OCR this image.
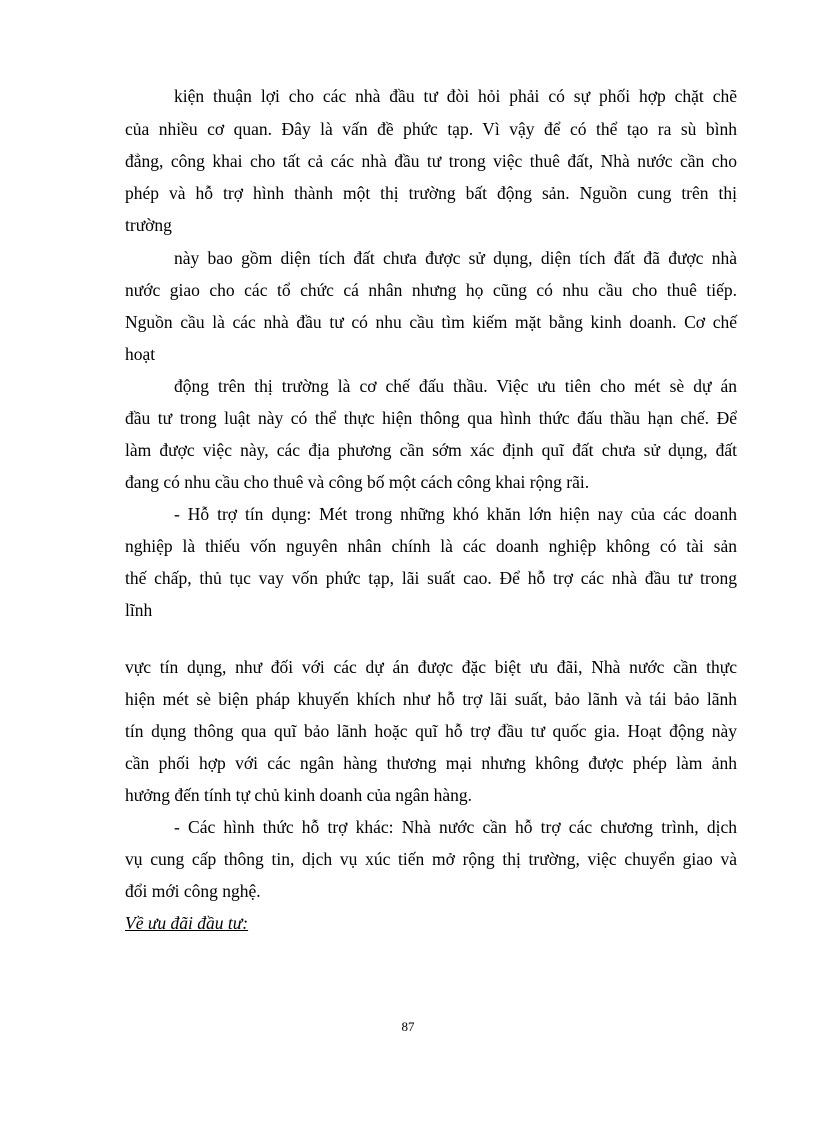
kiện thuận lợi cho các nhà đầu tư đòi hỏi phải có sự phối hợp chặt chẽ
của nhiều cơ quan. Đây là vấn đề phức tạp. Vì vậy để có thể tạo ra sù bình
đẳng, công khai cho tất cả các nhà đầu tư trong việc thuê đất, Nhà nước cần cho
phép và hỗ trợ hình thành một thị trường bất động sản. Nguồn cung trên thị
trường
này bao gồm diện tích đất chưa được sử dụng, diện tích đất đã được nhà
nước giao cho các tổ chức cá nhân nhưng họ cũng có nhu cầu cho thuê tiếp.
Nguồn cầu là các nhà đầu tư có nhu cầu tìm kiếm mặt bằng kinh doanh. Cơ chế
hoạt
động trên thị trường là cơ chế đấu thầu. Việc ưu tiên cho mét sè dự án
đầu tư trong luật này có thể thực hiện thông qua hình thức đấu thầu hạn chế. Để
làm được việc này, các địa phương cần sớm xác định quĩ đất chưa sử dụng, đất
đang có nhu cầu cho thuê và công bố một cách công khai rộng rãi.
- Hỗ trợ tín dụng: Mét trong những khó khăn lớn hiện nay của các doanh
nghiệp là thiếu vốn nguyên nhân chính là các doanh nghiệp không có tài sản
thế chấp, thủ tục vay vốn phức tạp, lãi suất cao. Để hỗ trợ các nhà đầu tư trong
lĩnh
vực tín dụng, như đối với các dự án được đặc biệt ưu đãi, Nhà nước cần thực
hiện mét sè biện pháp khuyến khích như hỗ trợ lãi suất, bảo lãnh và tái bảo lãnh
tín dụng thông qua quĩ bảo lãnh hoặc quĩ hỗ trợ đầu tư quốc gia. Hoạt động này
cần phối hợp với các ngân hàng thương mại nhưng không được phép làm ảnh
hưởng đến tính tự chủ kinh doanh của ngân hàng.
- Các hình thức hỗ trợ khác: Nhà nước cần hỗ trợ các chương trình, dịch
vụ cung cấp thông tin, dịch vụ xúc tiến mở rộng thị trường, việc chuyển giao và
đổi mới công nghệ.
Về ưu đãi đầu tư:
87
